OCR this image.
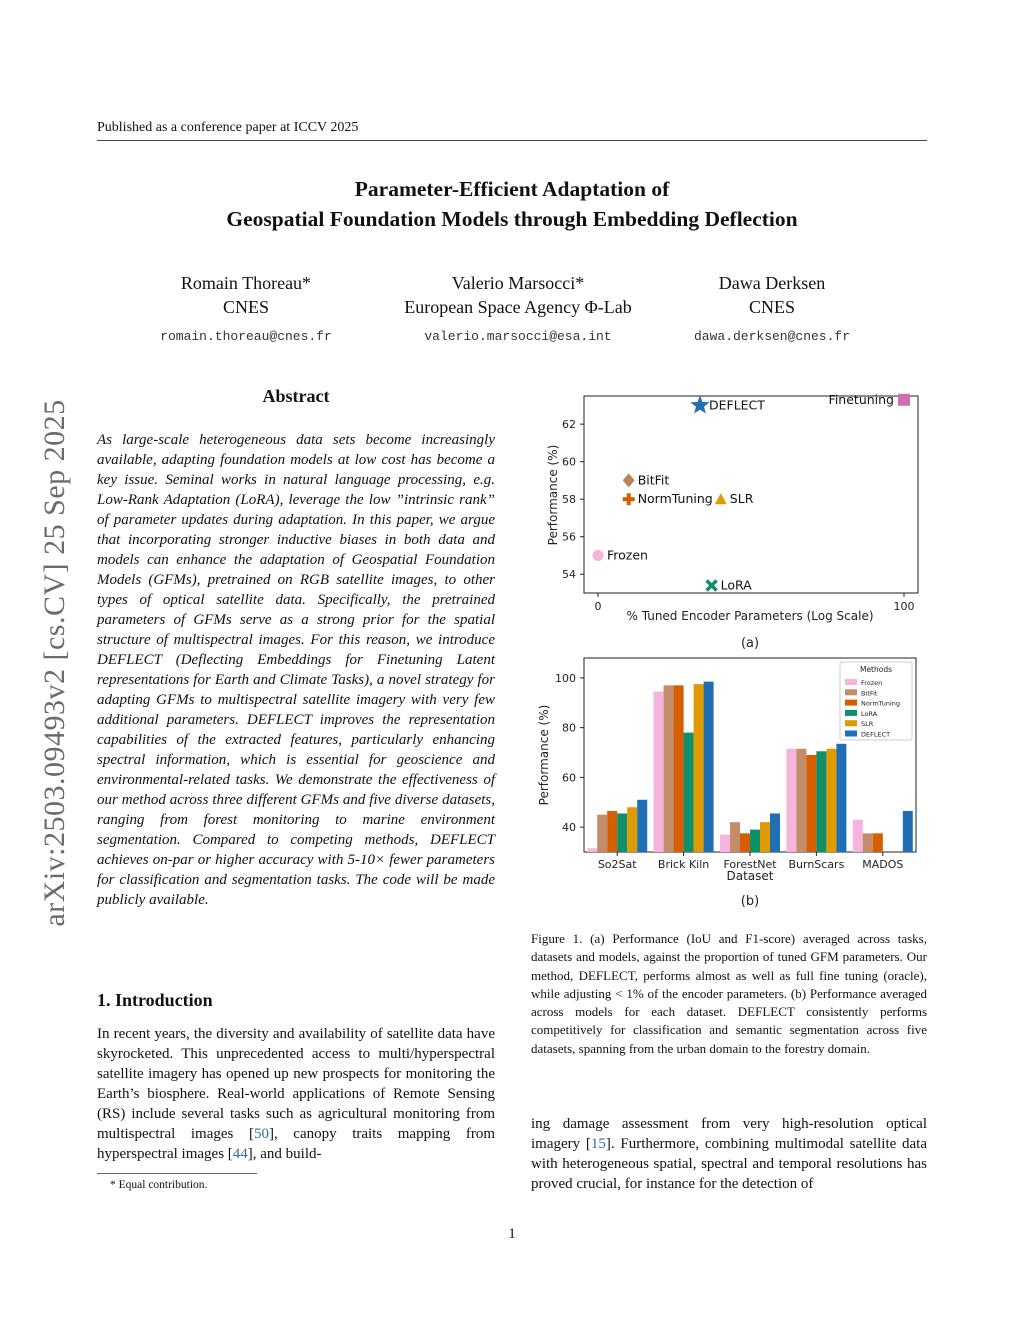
Published as a conference paper at ICCV 2025
Parameter-Efficient Adaptation of
Geospatial Foundation Models through Embedding Deflection
Romain Thoreau*
CNES
romain.thoreau@cnes.fr
Valerio Marsocci*
European Space Agency Φ-Lab
valerio.marsocci@esa.int
Dawa Derksen
CNES
dawa.derksen@cnes.fr
arXiv:2503.09493v2 [cs.CV] 25 Sep 2025
Abstract
As large-scale heterogeneous data sets become increasingly available, adapting foundation models at low cost has become a key issue. Seminal works in natural language processing, e.g. Low-Rank Adaptation (LoRA), leverage the low ”intrinsic rank” of parameter updates during adaptation. In this paper, we argue that incorporating stronger inductive biases in both data and models can enhance the adaptation of Geospatial Foundation Models (GFMs), pretrained on RGB satellite images, to other types of optical satellite data. Specifically, the pretrained parameters of GFMs serve as a strong prior for the spatial structure of multispectral images. For this reason, we introduce DEFLECT (Deflecting Embeddings for Finetuning Latent representations for Earth and Climate Tasks), a novel strategy for adapting GFMs to multispectral satellite imagery with very few additional parameters. DEFLECT improves the representation capabilities of the extracted features, particularly enhancing spectral information, which is essential for geoscience and environmental-related tasks. We demonstrate the effectiveness of our method across three different GFMs and five diverse datasets, ranging from forest monitoring to marine environment segmentation. Compared to competing methods, DEFLECT achieves on-par or higher accuracy with 5-10× fewer parameters for classification and segmentation tasks. The code will be made publicly available.
1. Introduction
In recent years, the diversity and availability of satellite data have skyrocketed. This unprecedented access to multi/hyperspectral satellite imagery has opened up new prospects for monitoring the Earth’s biosphere. Real-world applications of Remote Sensing (RS) include several tasks such as agricultural monitoring from multispectral images [50], canopy traits mapping from hyperspectral images [44], and build-
* Equal contribution.
Figure 1. (a) Performance (IoU and F1-score) averaged across tasks, datasets and models, against the proportion of tuned GFM parameters. Our method, DEFLECT, performs almost as well as full fine tuning (oracle), while adjusting < 1% of the encoder parameters. (b) Performance averaged across models for each dataset. DEFLECT consistently performs competitively for classification and semantic segmentation across five datasets, spanning from the urban domain to the forestry domain.
ing damage assessment from very high-resolution optical imagery [15]. Furthermore, combining multimodal satellite data with heterogeneous spatial, spectral and temporal resolutions has proved crucial, for instance for the detection of
1
54
56
58
60
62
0	100
DEFLECT	Finetuning
BitFit
NormTuning SLR
Frozen
LoRA
% Tuned Encoder Parameters (Log Scale)
Performance (%)
(a)
40
60
80
100
So2Sat Brick Kiln ForestNet BurnScars MADOS
Methods
Frozen
BitFit
NormTuning
LoRA
SLR
DEFLECT
Dataset
Performance (%)
(b)
